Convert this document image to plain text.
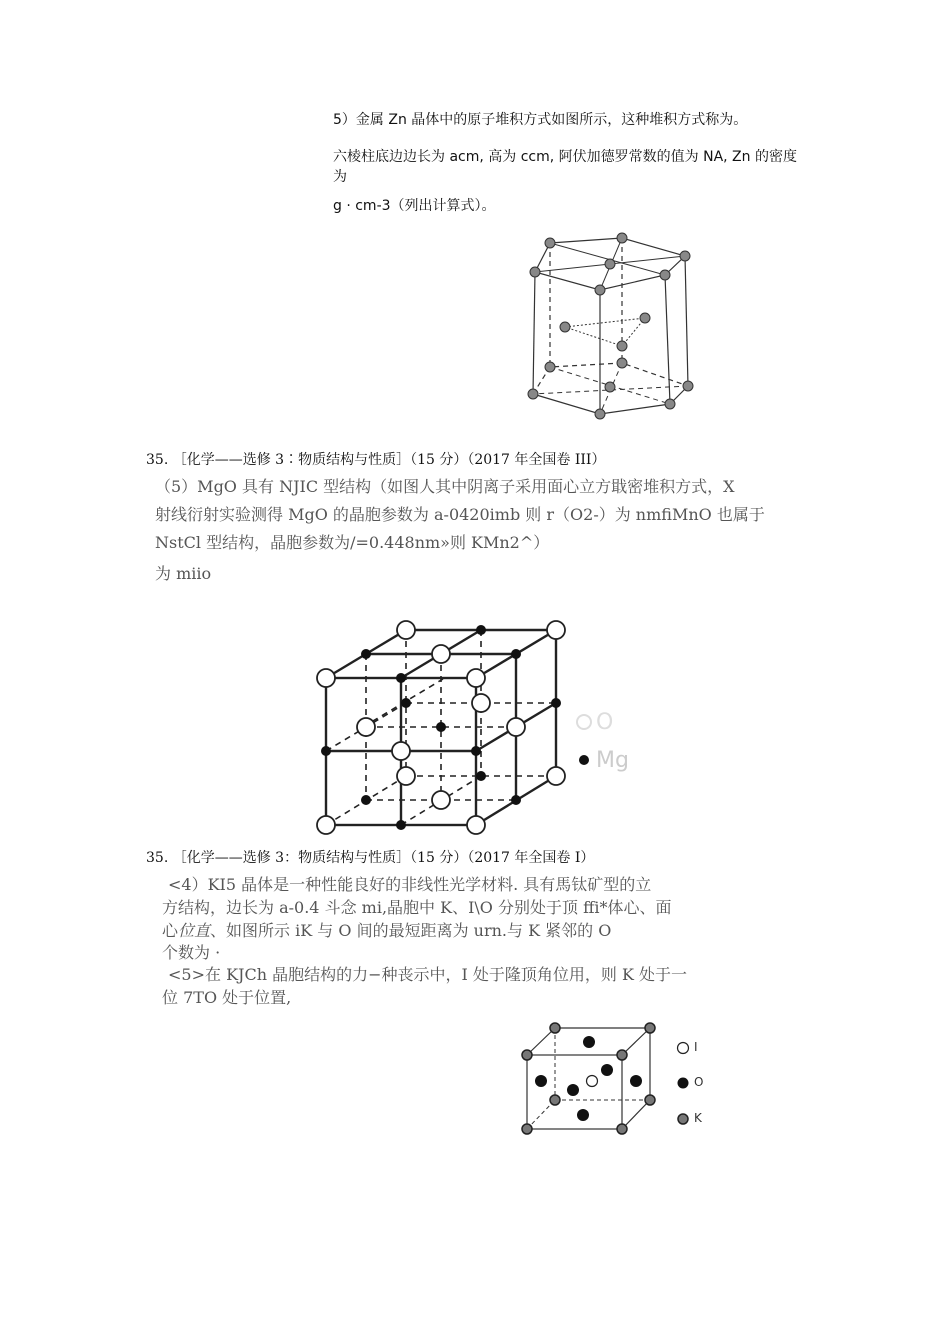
5）金属 Zn 晶体中的原子堆积方式如图所示，这种堆积方式称为。
六棱柱底边边长为 acm, 高为 ccm, 阿伏加德罗常数的值为 NA, Zn 的密度为
g · cm-3（列出计算式）。
35. ［化学——选修 3∶物质结构与性质］（15 分）（2017 年全国卷 III）
（5）MgO 具有 NJIC 型结构（如图人其中阴离子采用面心立方戢密堆积方式，X
射线衍射实验测得 MgO 的晶胞参数为 a-0420imb 则 r（O2-）为 nmfiMnO 也属于
NstCl 型结构，晶胞参数为/=0.448nm»则 KMn2^）
为 miio
O
Mg
35. ［化学——选修 3：物质结构与性质］（15 分）（2017 年全国卷 I）
<4）KI5 晶体是一种性能良好的非线性光学材料. 具有馬钛矿型的立
方结构，边长为 a-0.4 斗念 mi,晶胞中 K、I\O 分别处于顶 ffi*体心、面
心位直、如图所示 iK 与 O 间的最短距离为 urn.与 K 紧邻的 O
个数为 ·
<5>在 KJCh 晶胞结构的力−种丧示中，I 处于隆顶角位用，则 K 处于一
位 7TO 处于位置,
I
O
K
